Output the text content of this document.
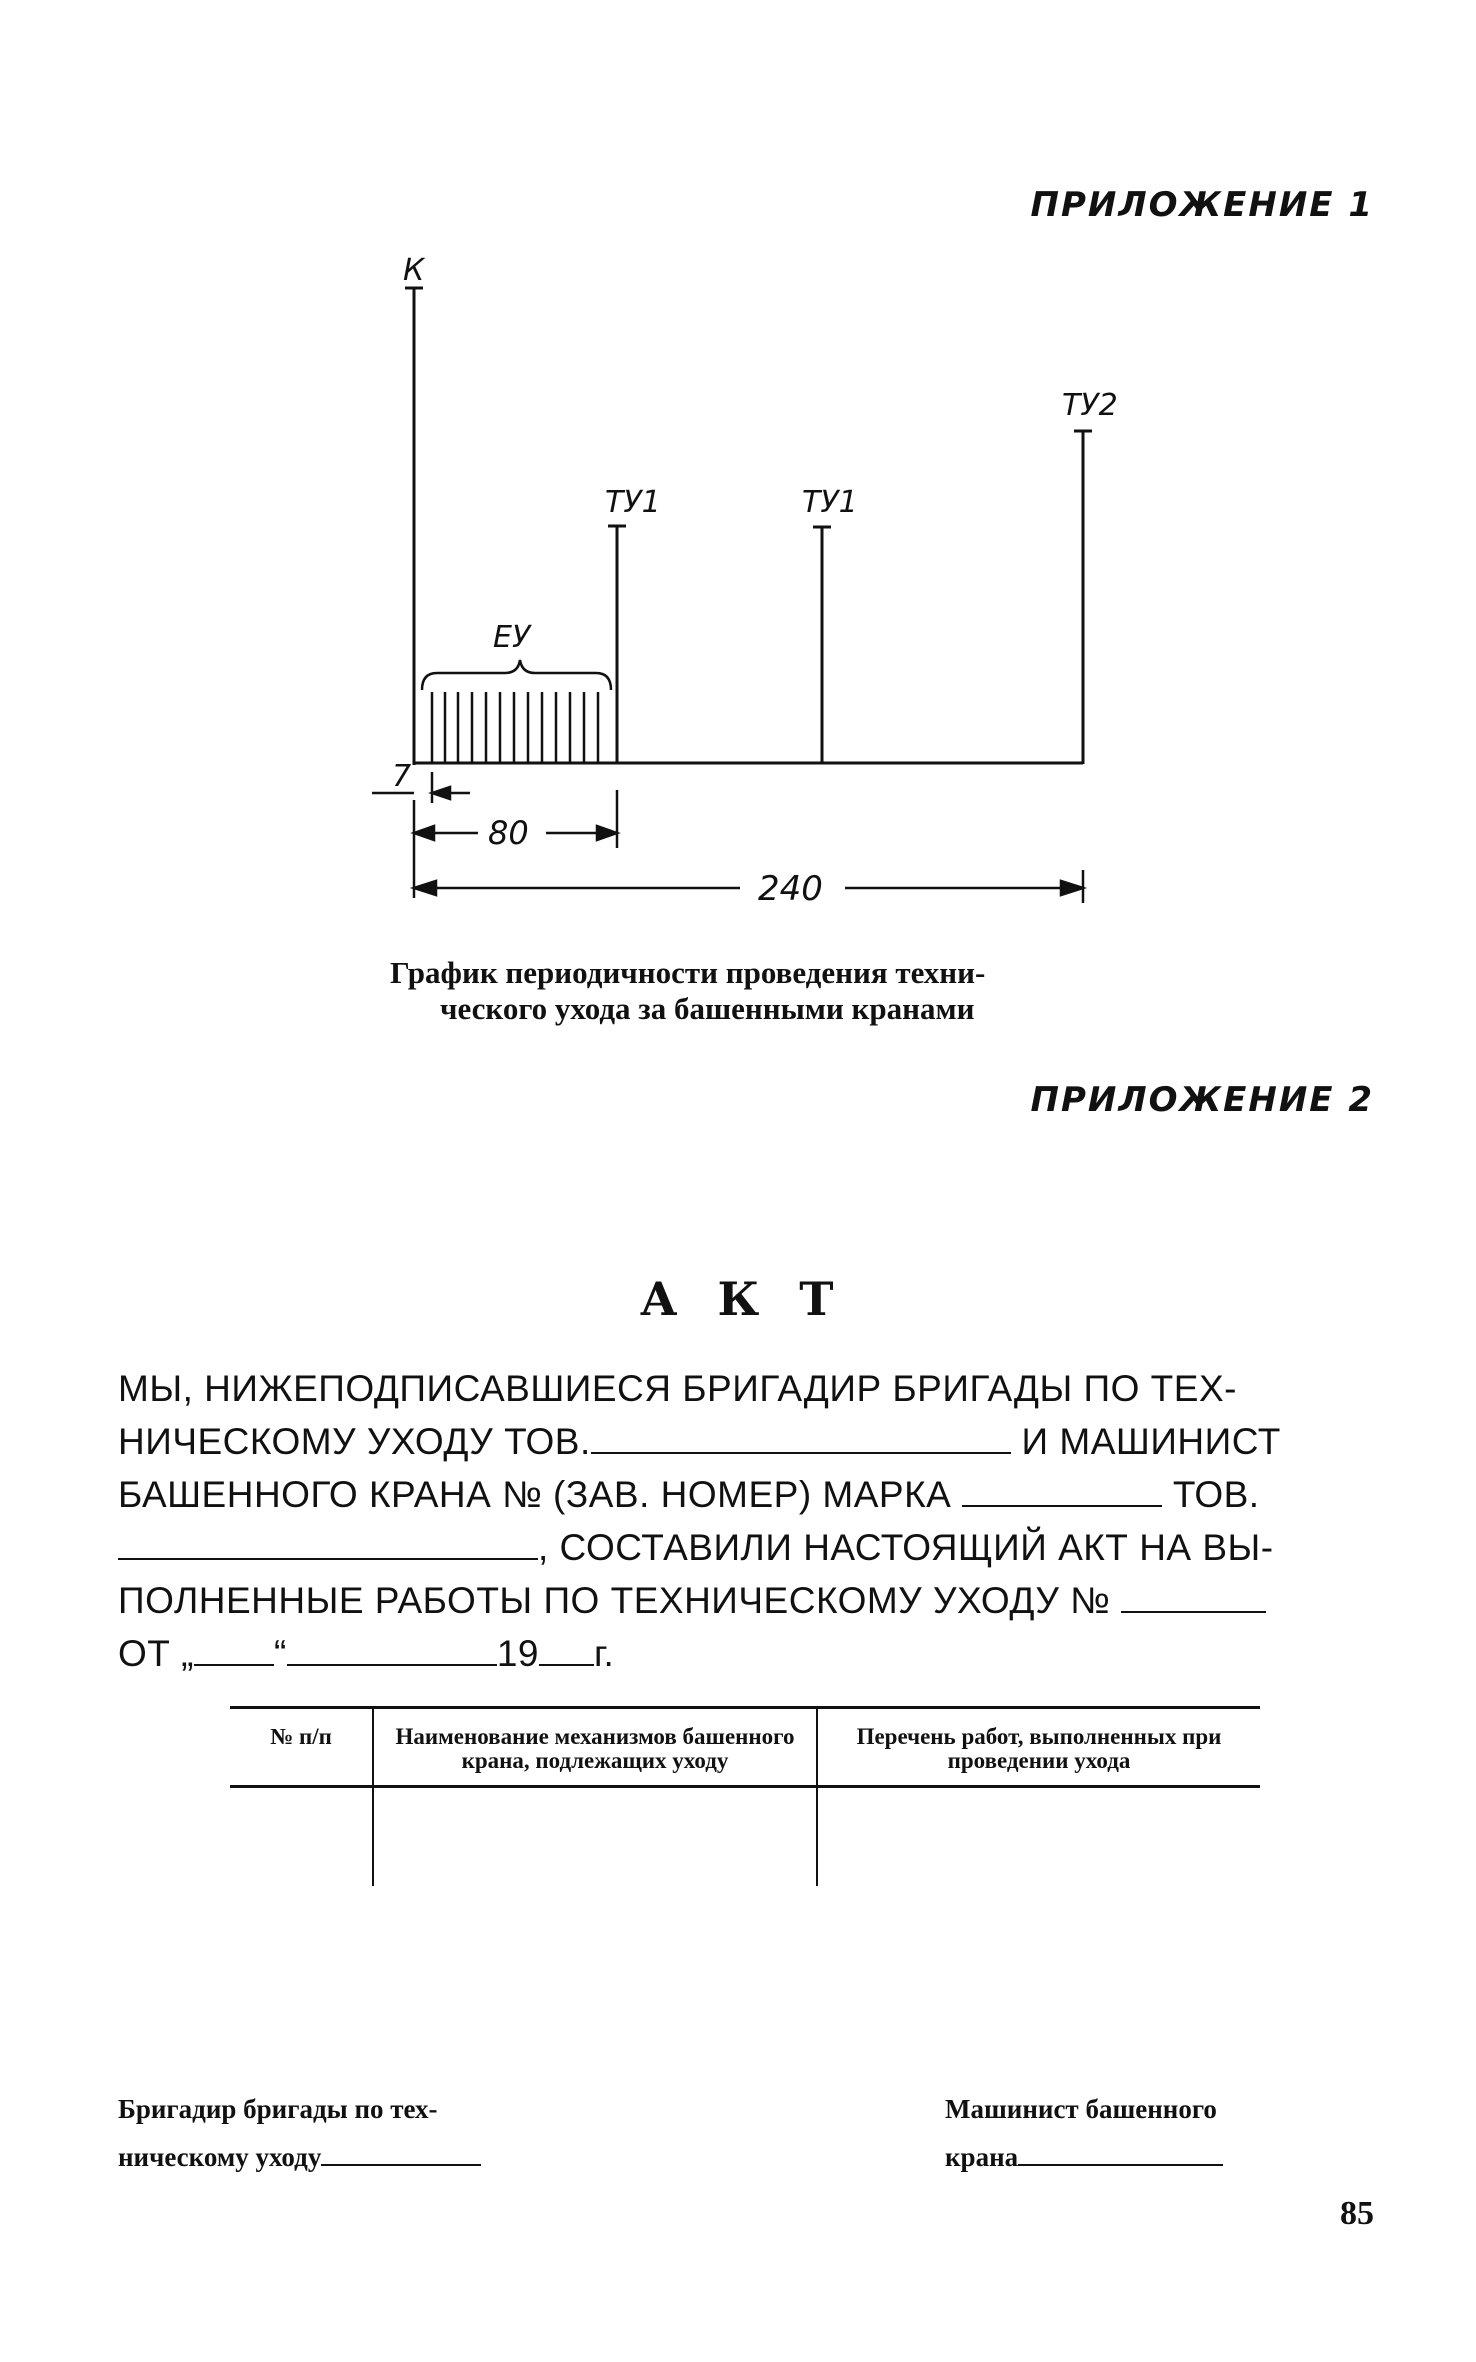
ПРИЛОЖЕНИЕ 1
К
ТУ1	ТУ1
ТУ2
ЕУ
7
80
240
График периодичности проведения техни-
ческого ухода за башенными кранами
ПРИЛОЖЕНИЕ 2
АКТ
МЫ, НИЖЕПОДПИСАВШИЕСЯ БРИГАДИР БРИГАДЫ ПО ТЕХ-
НИЧЕСКОМУ УХОДУ ТОВ.	И МАШИНИСТ
БАШЕННОГО КРАНА № (ЗАВ. НОМЕР) МАРКА	ТОВ.
, СОСТАВИЛИ НАСТОЯЩИЙ АКТ НА ВЫ-
ПОЛНЕННЫЕ РАБОТЫ ПО ТЕХНИЧЕСКОМУ УХОДУ №
ОТ „ “	19 г.
№ п/п	Наименование механизмов башенного крана, подлежащих уходу	Перечень работ, выполненных при проведении ухода

Бригадир бригады по тех-
ническому уходу
Машинист башенного
крана
85
